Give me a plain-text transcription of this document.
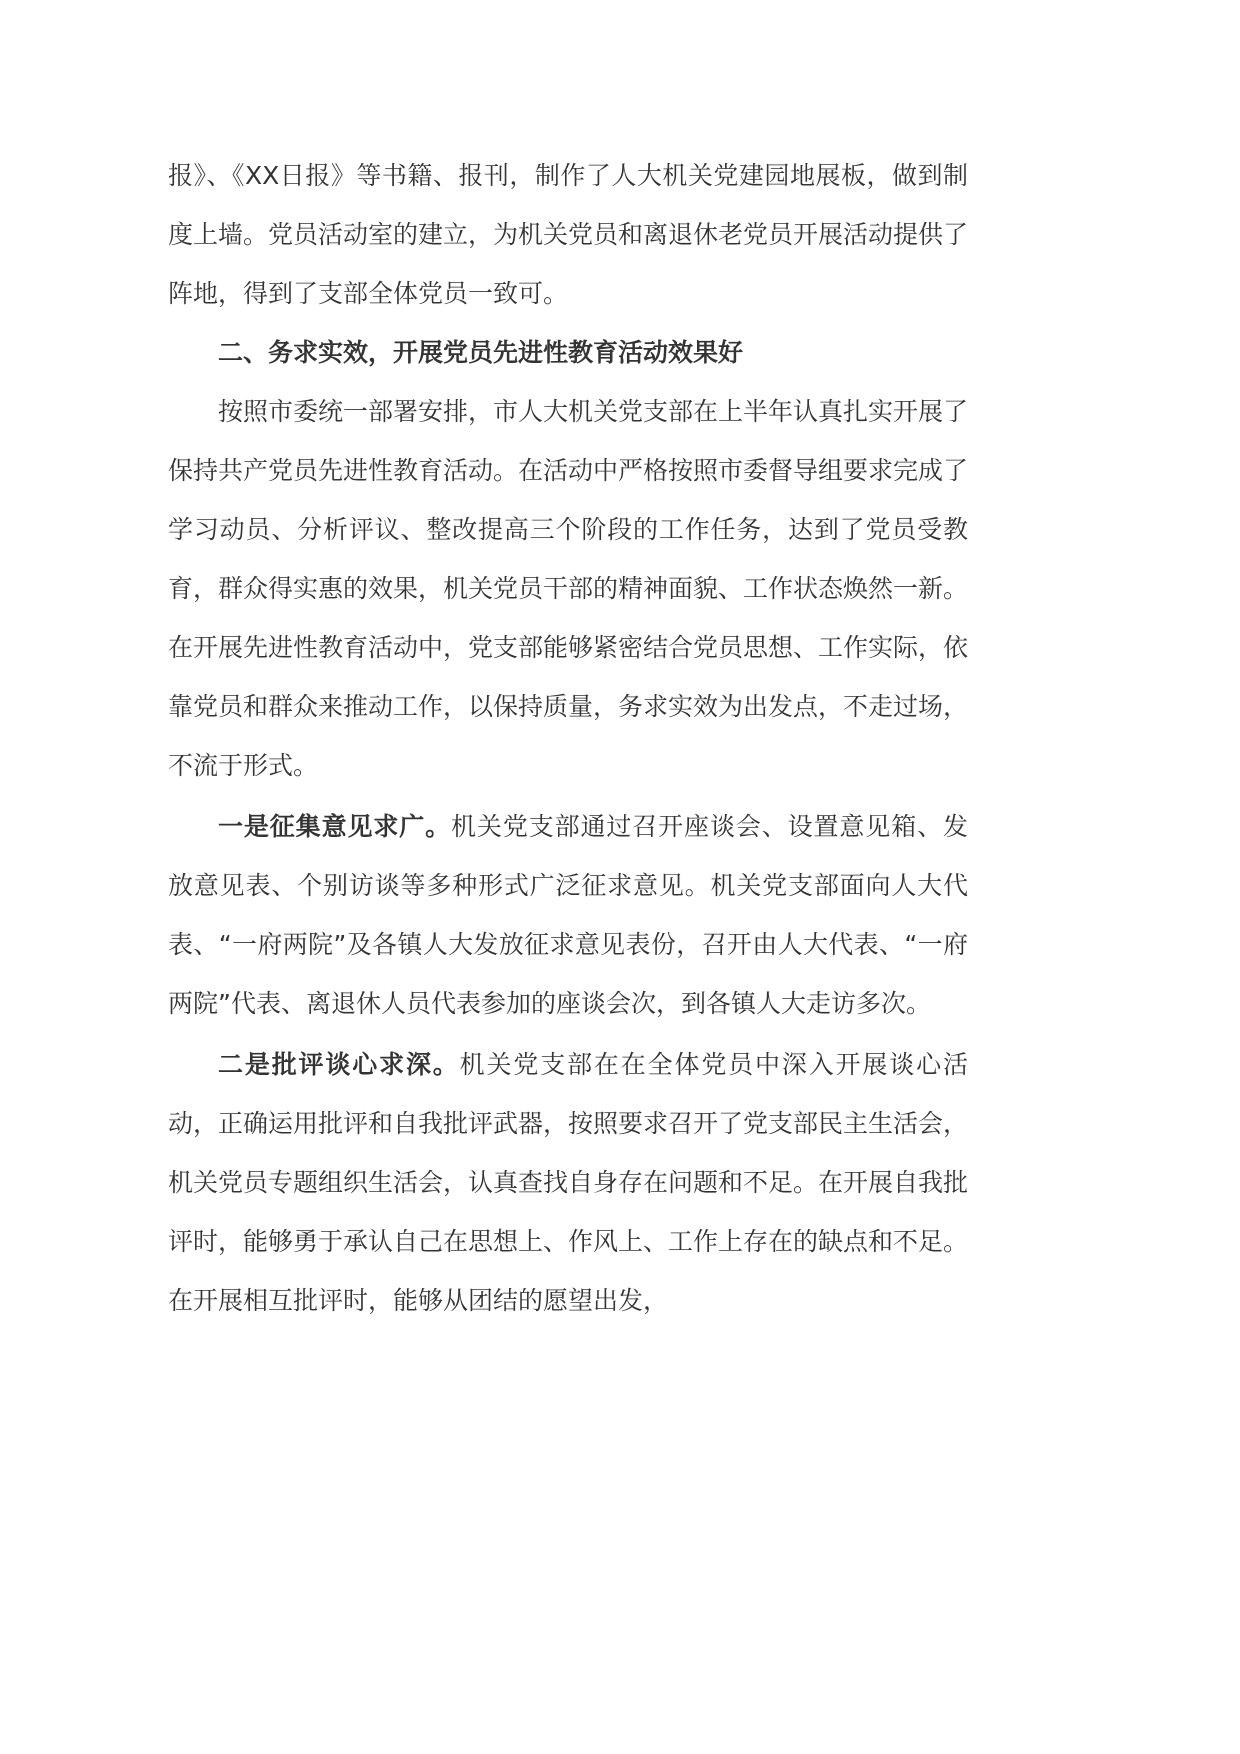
报》、《XX日报》等书籍、报刊，制作了人大机关党建园地展板，做到制度上墙。党员活动室的建立，为机关党员和离退休老党员开展活动提供了阵地，得到了支部全体党员一致可。

二、务求实效，开展党员先进性教育活动效果好

按照市委统一部署安排，市人大机关党支部在上半年认真扎实开展了保持共产党员先进性教育活动。在活动中严格按照市委督导组要求完成了学习动员、分析评议、整改提高三个阶段的工作任务，达到了党员受教育，群众得实惠的效果，机关党员干部的精神面貌、工作状态焕然一新。在开展先进性教育活动中，党支部能够紧密结合党员思想、工作实际，依靠党员和群众来推动工作，以保持质量，务求实效为出发点，不走过场，不流于形式。

一是征集意见求广。机关党支部通过召开座谈会、设置意见箱、发放意见表、个别访谈等多种形式广泛征求意见。机关党支部面向人大代表、“一府两院”及各镇人大发放征求意见表份，召开由人大代表、“一府两院”代表、离退休人员代表参加的座谈会次，到各镇人大走访多次。

二是批评谈心求深。机关党支部在在全体党员中深入开展谈心活动，正确运用批评和自我批评武器，按照要求召开了党支部民主生活会，机关党员专题组织生活会，认真查找自身存在问题和不足。在开展自我批评时，能够勇于承认自己在思想上、作风上、工作上存在的缺点和不足。在开展相互批评时，能够从团结的愿望出发，
